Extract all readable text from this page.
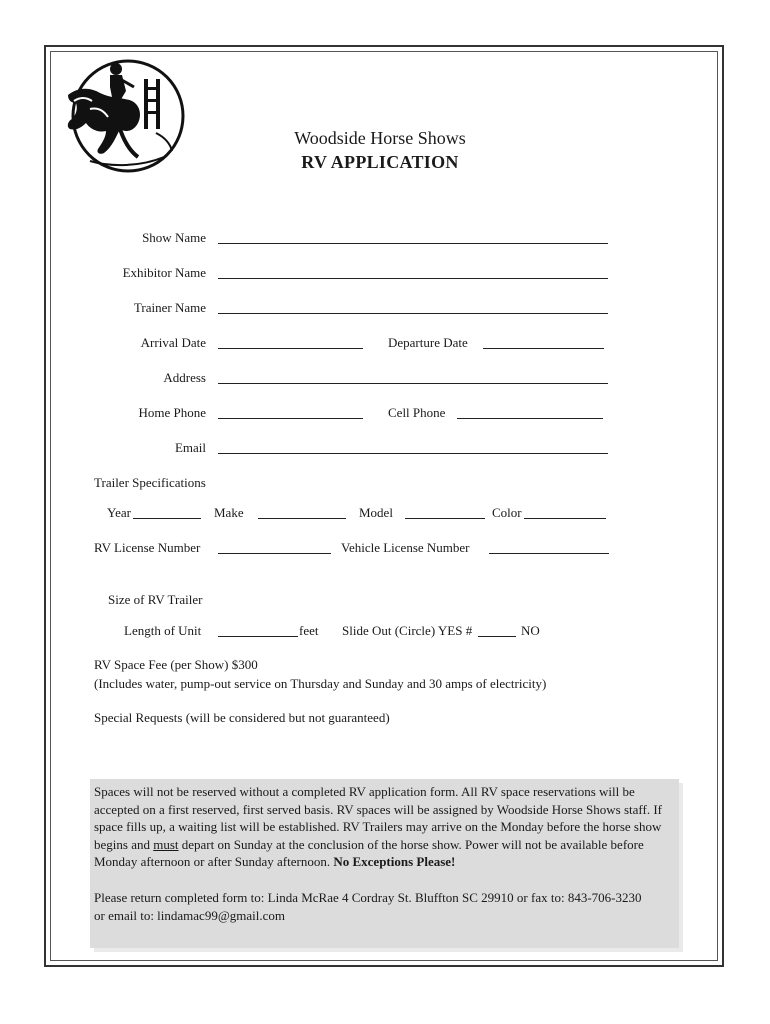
Woodside Horse Shows
RV APPLICATION
Show Name
Exhibitor Name
Trainer Name
Arrival Date	Departure Date
Address
Home Phone	Cell Phone
Email
Trailer Specifications
Year	Make	Model	Color
RV License Number	Vehicle License Number
Size of RV Trailer
Length of Unit	feet Slide Out (Circle) YES #	NO
RV Space Fee (per Show) $300
(Includes water, pump-out service on Thursday and Sunday and 30 amps of electricity)
Special Requests (will be considered but not guaranteed)

Spaces will not be reserved without a completed RV application form. All RV space reservations will be accepted on a first reserved, first served basis. RV spaces will be assigned by Woodside Horse Shows staff. If space fills up, a waiting list will be established. RV Trailers may arrive on the Monday before the horse show begins and must depart on Sunday at the conclusion of the horse show. Power will not be available before Monday afternoon or after Sunday afternoon. No Exceptions Please!

Please return completed form to: Linda McRae 4 Cordray St. Bluffton SC 29910 or fax to: 843-706-3230
or email to: lindamac99@gmail.com
